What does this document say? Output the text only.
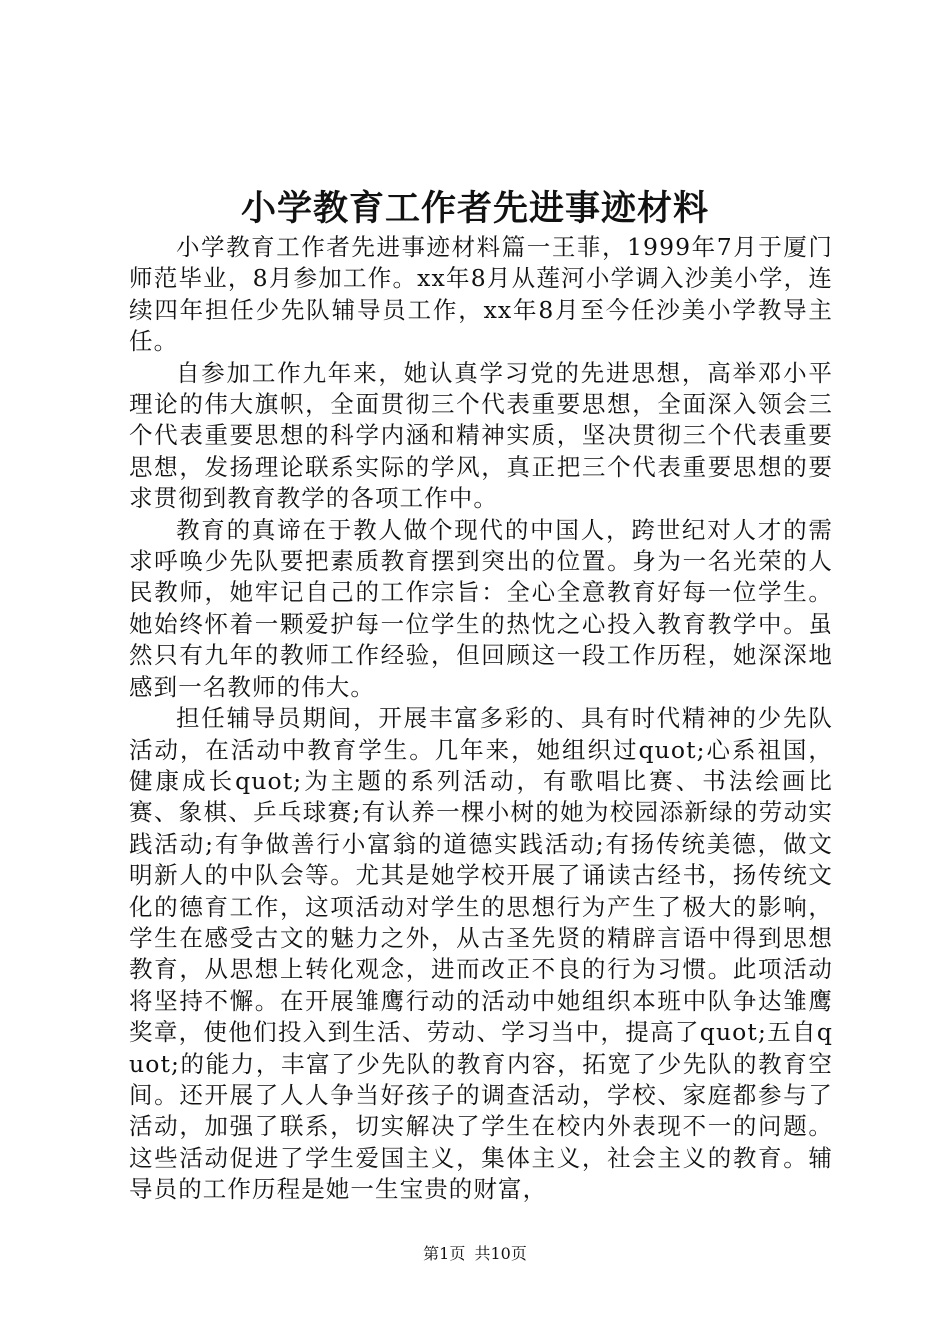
小学教育工作者先进事迹材料

小学教育工作者先进事迹材料篇一王菲，1999年7月于厦门师范毕业，8月参加工作。xx年8月从莲河小学调入沙美小学，连续四年担任少先队辅导员工作，xx年8月至今任沙美小学教导主任。

自参加工作九年来，她认真学习党的先进思想，高举邓小平理论的伟大旗帜，全面贯彻三个代表重要思想，全面深入领会三个代表重要思想的科学内涵和精神实质，坚决贯彻三个代表重要思想，发扬理论联系实际的学风，真正把三个代表重要思想的要求贯彻到教育教学的各项工作中。

教育的真谛在于教人做个现代的中国人，跨世纪对人才的需求呼唤少先队要把素质教育摆到突出的位置。身为一名光荣的人民教师，她牢记自己的工作宗旨：全心全意教育好每一位学生。她始终怀着一颗爱护每一位学生的热忱之心投入教育教学中。虽然只有九年的教师工作经验，但回顾这一段工作历程，她深深地感到一名教师的伟大。

担任辅导员期间，开展丰富多彩的、具有时代精神的少先队活动，在活动中教育学生。几年来，她组织过quot;心系祖国，健康成长quot;为主题的系列活动，有歌唱比赛、书法绘画比赛、象棋、乒乓球赛;有认养一棵小树的她为校园添新绿的劳动实践活动;有争做善行小富翁的道德实践活动;有扬传统美德，做文明新人的中队会等。尤其是她学校开展了诵读古经书，扬传统文化的德育工作，这项活动对学生的思想行为产生了极大的影响，学生在感受古文的魅力之外，从古圣先贤的精辟言语中得到思想教育，从思想上转化观念，进而改正不良的行为习惯。此项活动将坚持不懈。在开展雏鹰行动的活动中她组织本班中队争达雏鹰奖章，使他们投入到生活、劳动、学习当中，提高了quot;五自quot;的能力，丰富了少先队的教育内容，拓宽了少先队的教育空间。还开展了人人争当好孩子的调查活动，学校、家庭都参与了活动，加强了联系，切实解决了学生在校内外表现不一的问题。这些活动促进了学生爱国主义，集体主义，社会主义的教育。辅导员的工作历程是她一生宝贵的财富，

第1页 共10页
